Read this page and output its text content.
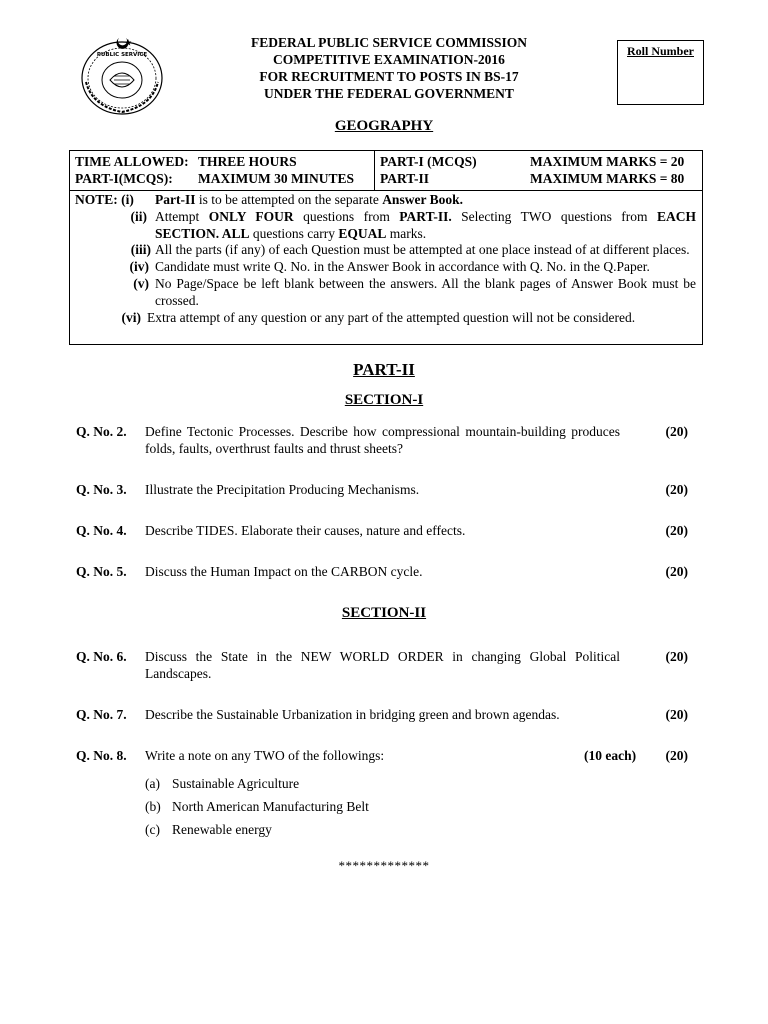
PUBLIC SERVICE
FEDERAL PUBLIC SERVICE COMMISSION
COMPETITIVE EXAMINATION-2016
FOR RECRUITMENT TO POSTS IN BS-17
UNDER THE FEDERAL GOVERNMENT
Roll Number
GEOGRAPHY
TIME ALLOWED: THREE HOURS
PART-I(MCQS):	MAXIMUM 30 MINUTES
PART-I (MCQS)	MAXIMUM MARKS = 20
PART-II	MAXIMUM MARKS = 80
NOTE: (i)	Part-II is to be attempted on the separate Answer Book.
(ii) Attempt ONLY FOUR questions from PART-II. Selecting TWO questions from EACH SECTION. ALL questions carry EQUAL marks.
(iii) All the parts (if any) of each Question must be attempted at one place instead of at different places.
(iv) Candidate must write Q. No. in the Answer Book in accordance with Q. No. in the Q.Paper.
(v) No Page/Space be left blank between the answers. All the blank pages of Answer Book must be crossed.
(vi) Extra attempt of any question or any part of the attempted question will not be considered.
PART-II
SECTION-I
Q. No. 2. Define Tectonic Processes. Describe how compressional mountain-building produces folds, faults, overthrust faults and thrust sheets?
(20)
Q. No. 3. Illustrate the Precipitation Producing Mechanisms.	(20)
Q. No. 4. Describe TIDES. Elaborate their causes, nature and effects.	(20)
Q. No. 5. Discuss the Human Impact on the CARBON cycle.	(20)
SECTION-II
Q. No. 6. Discuss the State in the NEW WORLD ORDER in changing Global Political Landscapes.
(20)
Q. No. 7. Describe the Sustainable Urbanization in bridging green and brown agendas.	(20)
Q. No. 8. Write a note on any TWO of the followings:	(10 each) (20)
(a) Sustainable Agriculture
(b) North American Manufacturing Belt
(c) Renewable energy
*************
